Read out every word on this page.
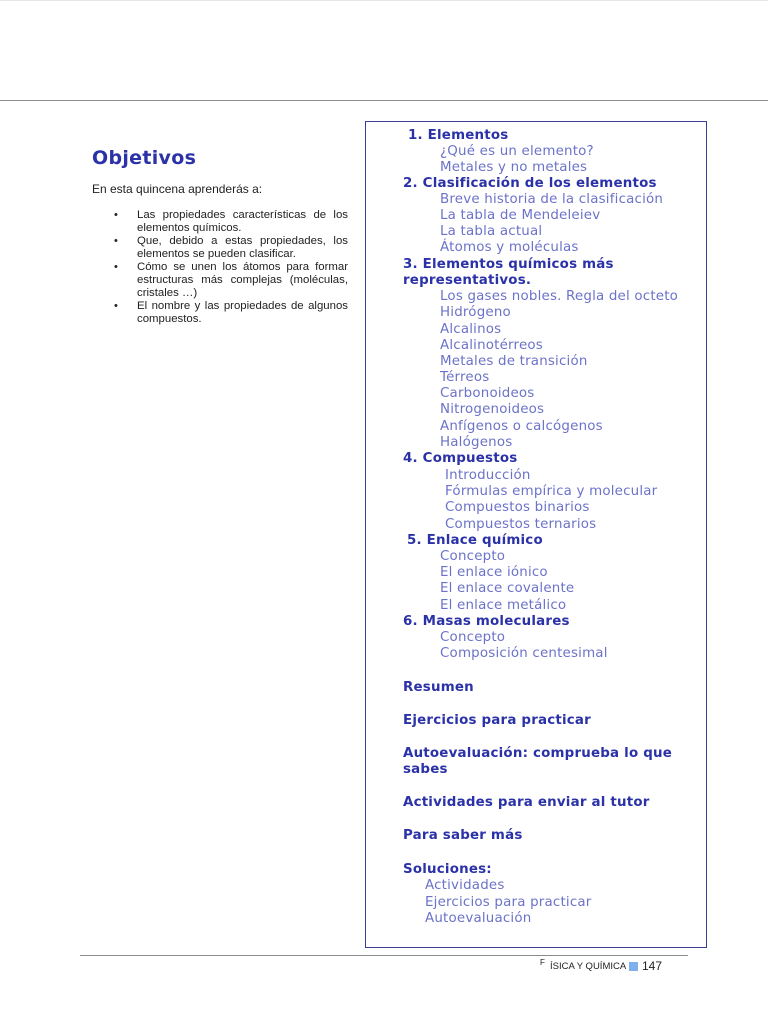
Objetivos
En esta quincena aprenderás a:
• Las propiedades características de los elementos químicos.
• Que, debido a estas propiedades, los elementos se pueden clasificar.
• Cómo se unen los átomos para formar estructuras más complejas (moléculas, cristales …)
• El nombre y las propiedades de algunos compuestos.
1. Elementos
¿Qué es un elemento?
Metales y no metales
2. Clasificación de los elementos
Breve historia de la clasificación
La tabla de Mendeleiev
La tabla actual
Átomos y moléculas
3. Elementos químicos más
representativos.
Los gases nobles. Regla del octeto
Hidrógeno
Alcalinos
Alcalinotérreos
Metales de transición
Térreos
Carbonoideos
Nitrogenoideos
Anfígenos o calcógenos
Halógenos
4. Compuestos
Introducción
Fórmulas empírica y molecular
Compuestos binarios
Compuestos ternarios
5. Enlace químico
Concepto
El enlace iónico
El enlace covalente
El enlace metálico
6. Masas moleculares
Concepto
Composición centesimal
Resumen
Ejercicios para practicar
Autoevaluación: comprueba lo que
sabes
Actividades para enviar al tutor
Para saber más
Soluciones:
Actividades
Ejercicios para practicar
Autoevaluación
F ÍSICA Y QUÍMICA 147
